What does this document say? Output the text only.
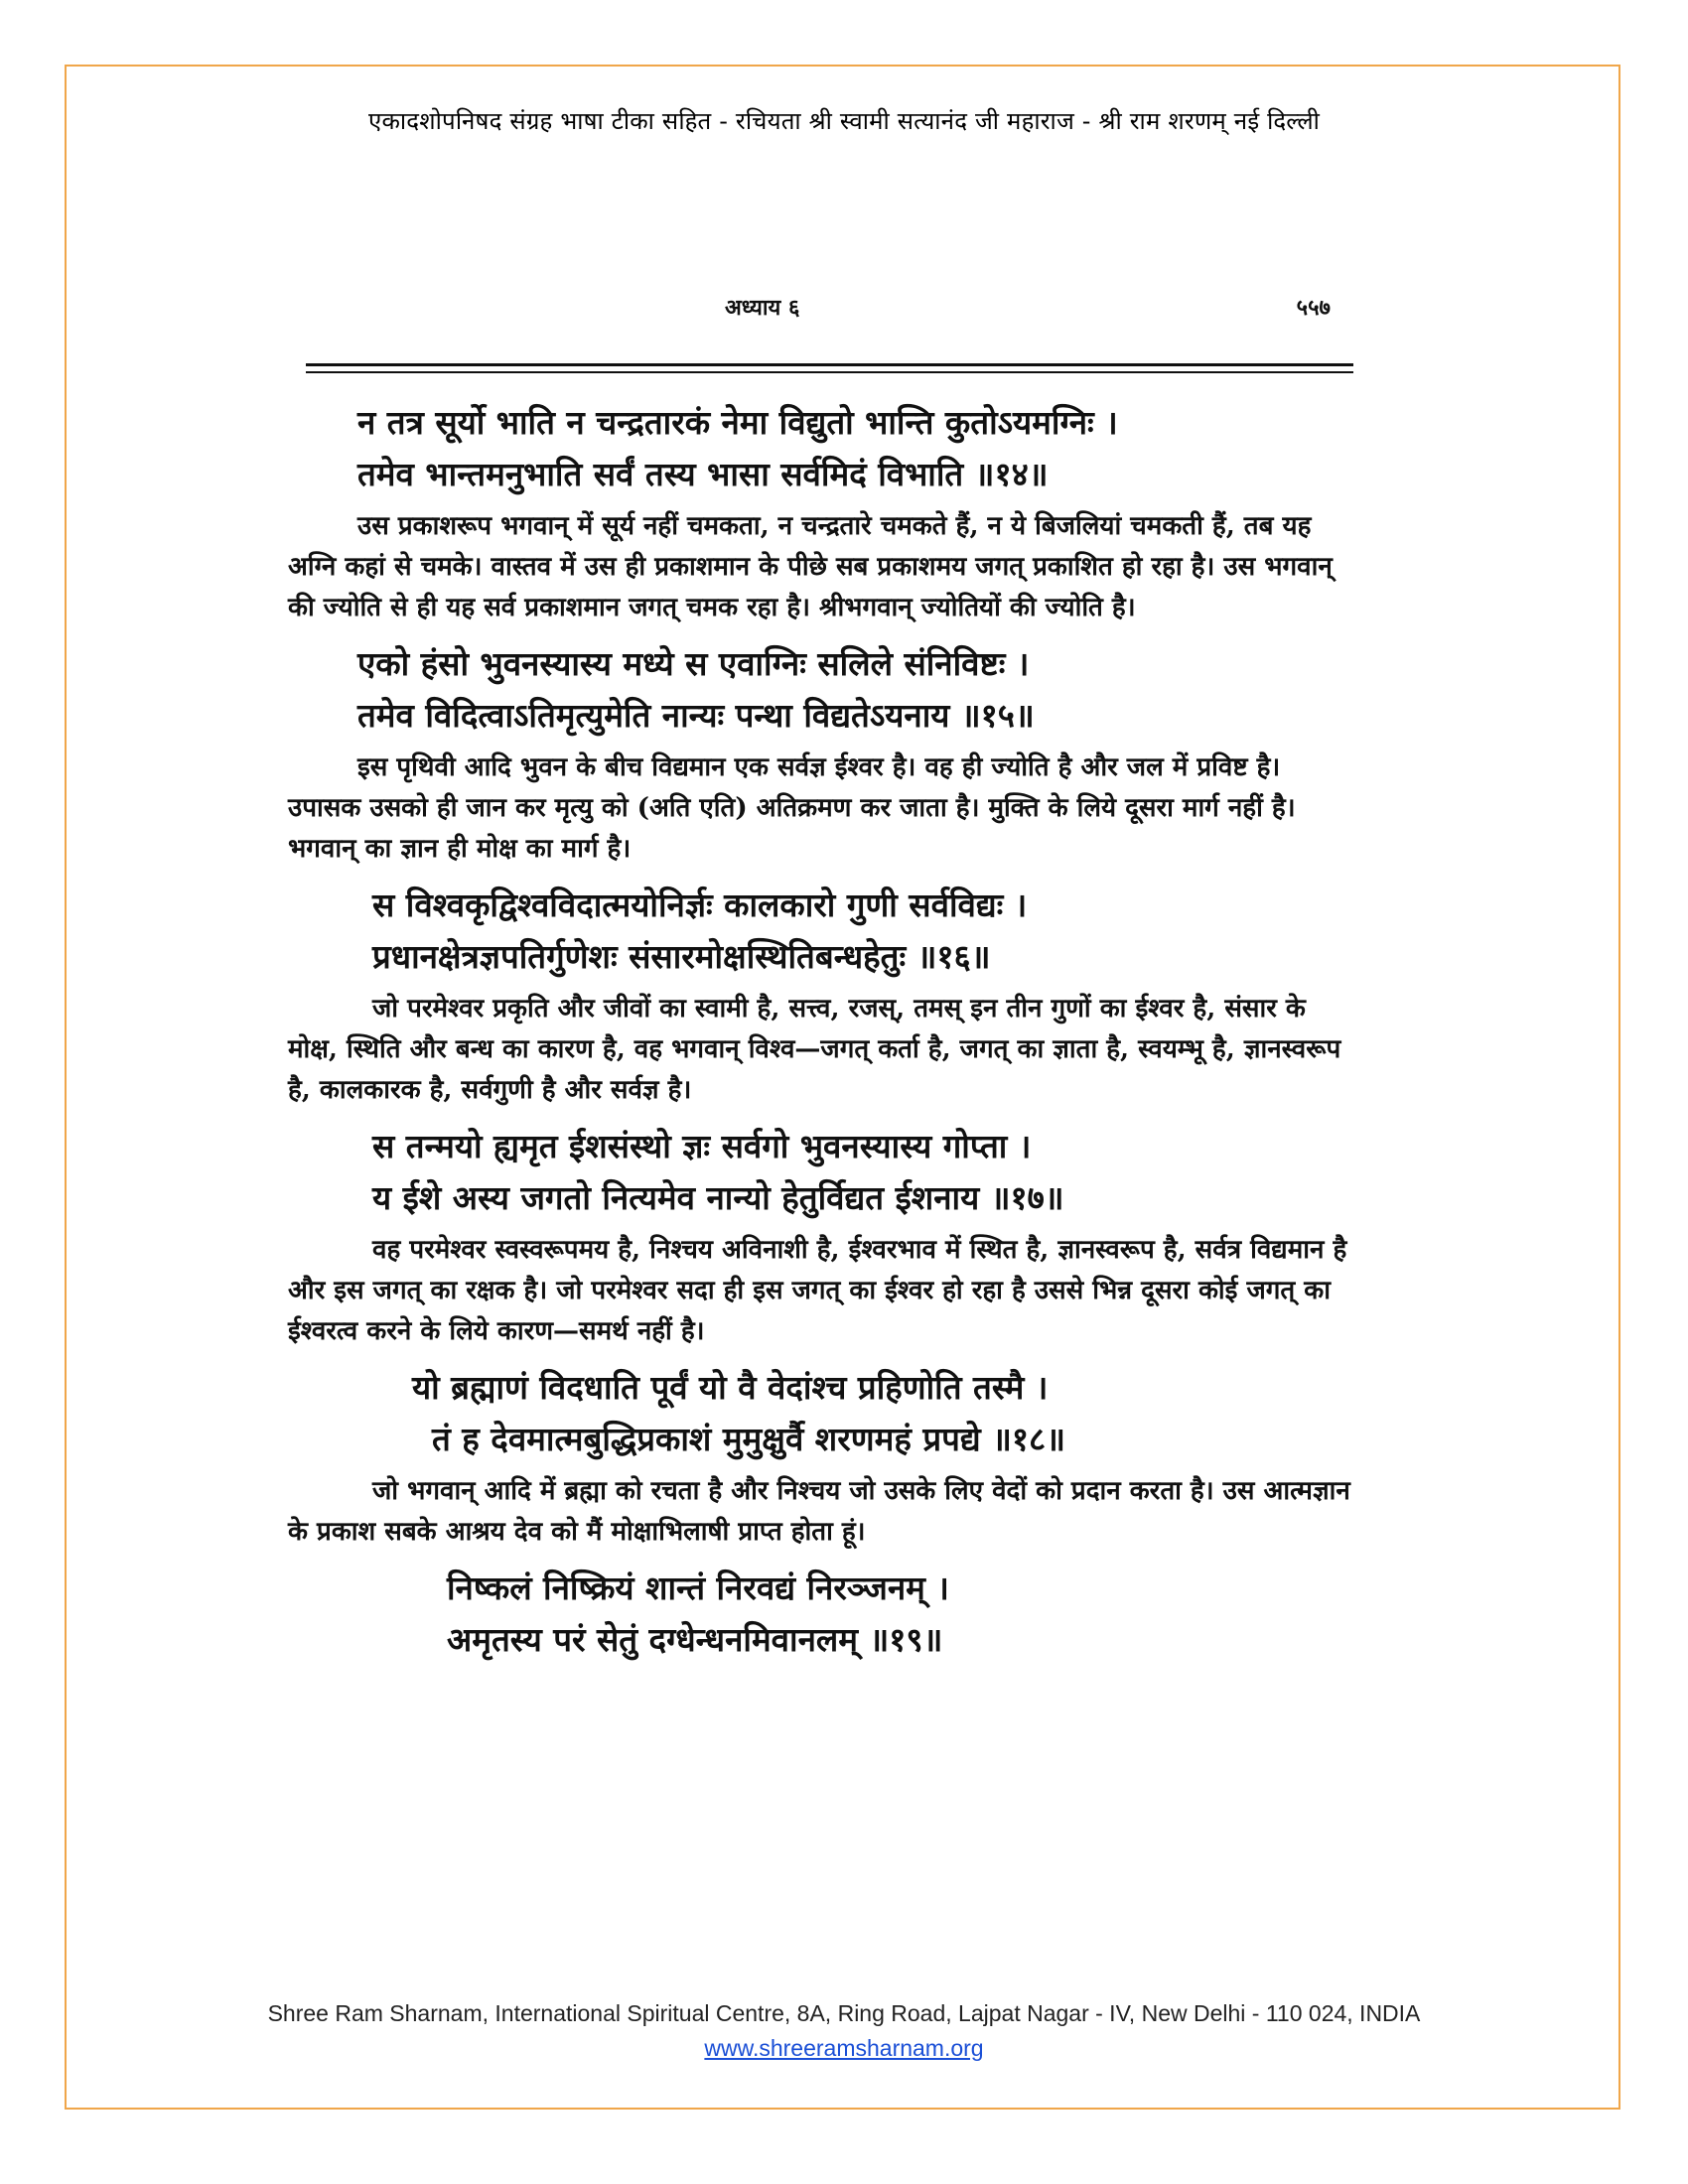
एकादशोपनिषद संग्रह भाषा टीका सहित - रचियता श्री स्वामी सत्यानंद जी महाराज - श्री राम शरणम् नई दिल्ली
अध्याय ६	५५७
न तत्र सूर्यो भाति न चन्द्रतारकं नेमा विद्युतो भान्ति कुतोऽयमग्निः ।
तमेव भान्तमनुभाति सर्वं तस्य भासा सर्वमिदं विभाति ॥१४॥
उस प्रकाशरूप भगवान् में सूर्य नहीं चमकता, न चन्द्रतारे चमकते हैं, न ये बिजलियां चमकती हैं, तब यह अग्नि कहां से चमके। वास्तव में उस ही प्रकाशमान के पीछे सब प्रकाशमय जगत् प्रकाशित हो रहा है। उस भगवान् की ज्योति से ही यह सर्व प्रकाशमान जगत् चमक रहा है। श्रीभगवान् ज्योतियों की ज्योति है।
एको हंसो भुवनस्यास्य मध्ये स एवाग्निः सलिले संनिविष्टः ।
तमेव विदित्वाऽतिमृत्युमेति नान्यः पन्था विद्यतेऽयनाय ॥१५॥
इस पृथिवी आदि भुवन के बीच विद्यमान एक सर्वज्ञ ईश्वर है। वह ही ज्योति है और जल में प्रविष्ट है। उपासक उसको ही जान कर मृत्यु को (अति एति) अतिक्रमण कर जाता है। मुक्ति के लिये दूसरा मार्ग नहीं है। भगवान् का ज्ञान ही मोक्ष का मार्ग है।
स विश्वकृद्विश्वविदात्मयोनिर्ज्ञः कालकारो गुणी सर्वविद्यः ।
प्रधानक्षेत्रज्ञपतिर्गुणेशः संसारमोक्षस्थितिबन्धहेतुः ॥१६॥
जो परमेश्वर प्रकृति और जीवों का स्वामी है, सत्त्व, रजस्, तमस् इन तीन गुणों का ईश्वर है, संसार के मोक्ष, स्थिति और बन्ध का कारण है, वह भगवान् विश्व—जगत् कर्ता है, जगत् का ज्ञाता है, स्वयम्भू है, ज्ञानस्वरूप है, कालकारक है, सर्वगुणी है और सर्वज्ञ है।
स तन्मयो ह्यमृत ईशसंस्थो ज्ञः सर्वगो भुवनस्यास्य गोप्ता ।
य ईशे अस्य जगतो नित्यमेव नान्यो हेतुर्विद्यत ईशनाय ॥१७॥
वह परमेश्वर स्वस्वरूपमय है, निश्चय अविनाशी है, ईश्वरभाव में स्थित है, ज्ञानस्वरूप है, सर्वत्र विद्यमान है और इस जगत् का रक्षक है। जो परमेश्वर सदा ही इस जगत् का ईश्वर हो रहा है उससे भिन्न दूसरा कोई जगत् का ईश्वरत्व करने के लिये कारण—समर्थ नहीं है।
यो ब्रह्माणं विदधाति पूर्वं यो वै वेदांश्च प्रहिणोति तस्मै ।
तं ह देवमात्मबुद्धिप्रकाशं मुमुक्षुर्वै शरणमहं प्रपद्ये ॥१८॥
जो भगवान् आदि में ब्रह्मा को रचता है और निश्चय जो उसके लिए वेदों को प्रदान करता है। उस आत्मज्ञान के प्रकाश सबके आश्रय देव को मैं मोक्षाभिलाषी प्राप्त होता हूं।
निष्कलं निष्क्रियं शान्तं निरवद्यं निरञ्जनम् ।
अमृतस्य परं सेतुं दग्धेन्धनमिवानलम् ॥१९॥
Shree Ram Sharnam, International Spiritual Centre, 8A, Ring Road, Lajpat Nagar - IV, New Delhi - 110 024, INDIA
www.shreeramsharnam.org
